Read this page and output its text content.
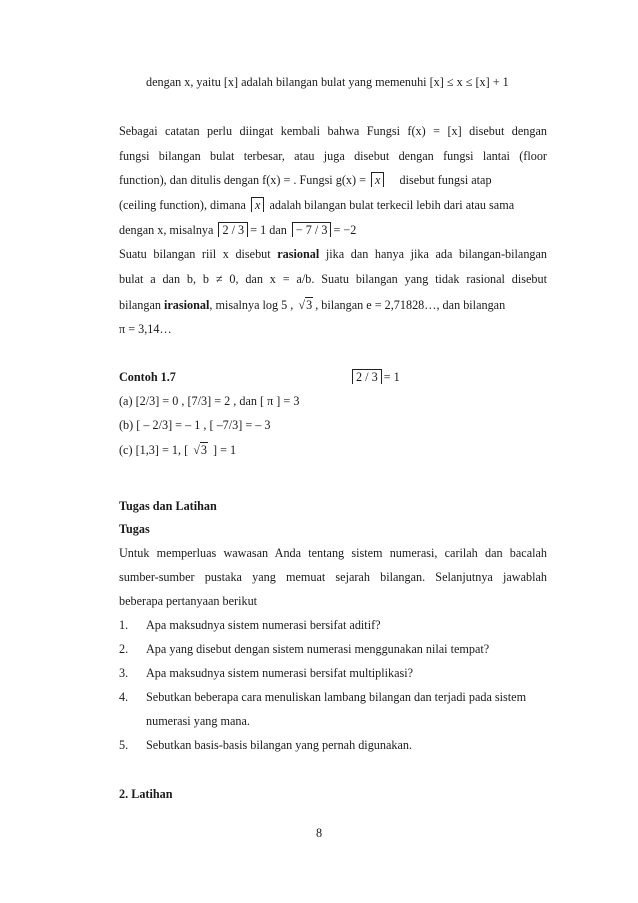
dengan x, yaitu [x] adalah bilangan bulat yang memenuhi [x] ≤ x ≤ [x] + 1
Sebagai catatan perlu diingat kembali bahwa Fungsi f(x) = [x] disebut dengan
fungsi bilangan bulat terbesar, atau juga disebut dengan fungsi lantai (floor
function), dan ditulis dengan f(x) = . Fungsi g(x) = x disebut fungsi atap
(ceiling function), dimana x adalah bilangan bulat terkecil lebih dari atau sama
dengan x, misalnya 2 / 3 = 1 dan − 7 / 3 = −2
Suatu bilangan riil x disebut rasional jika dan hanya jika ada bilangan-bilangan
bulat a dan b, b ≠ 0, dan x = a/b. Suatu bilangan yang tidak rasional disebut
bilangan irasional, misalnya log 5 , √3 , bilangan e = 2,71828…, dan bilangan
π = 3,14…
Contoh 1.7	2 / 3 = 1
(a) [2/3] = 0 , [7/3] = 2 , dan [ π ] = 3
(b) [ – 2/3] = – 1 , [ –7/3] = – 3
(c) [1,3] = 1, [ √3 ] = 1
Tugas dan Latihan
Tugas
Untuk memperluas wawasan Anda tentang sistem numerasi, carilah dan bacalah
sumber-sumber pustaka yang memuat sejarah bilangan. Selanjutnya jawablah
beberapa pertanyaan berikut
1. Apa maksudnya sistem numerasi bersifat aditif?
2. Apa yang disebut dengan sistem numerasi menggunakan nilai tempat?
3. Apa maksudnya sistem numerasi bersifat multiplikasi?
4. Sebutkan beberapa cara menuliskan lambang bilangan dan terjadi pada sistem
numerasi yang mana.
5. Sebutkan basis-basis bilangan yang pernah digunakan.
2. Latihan
8
